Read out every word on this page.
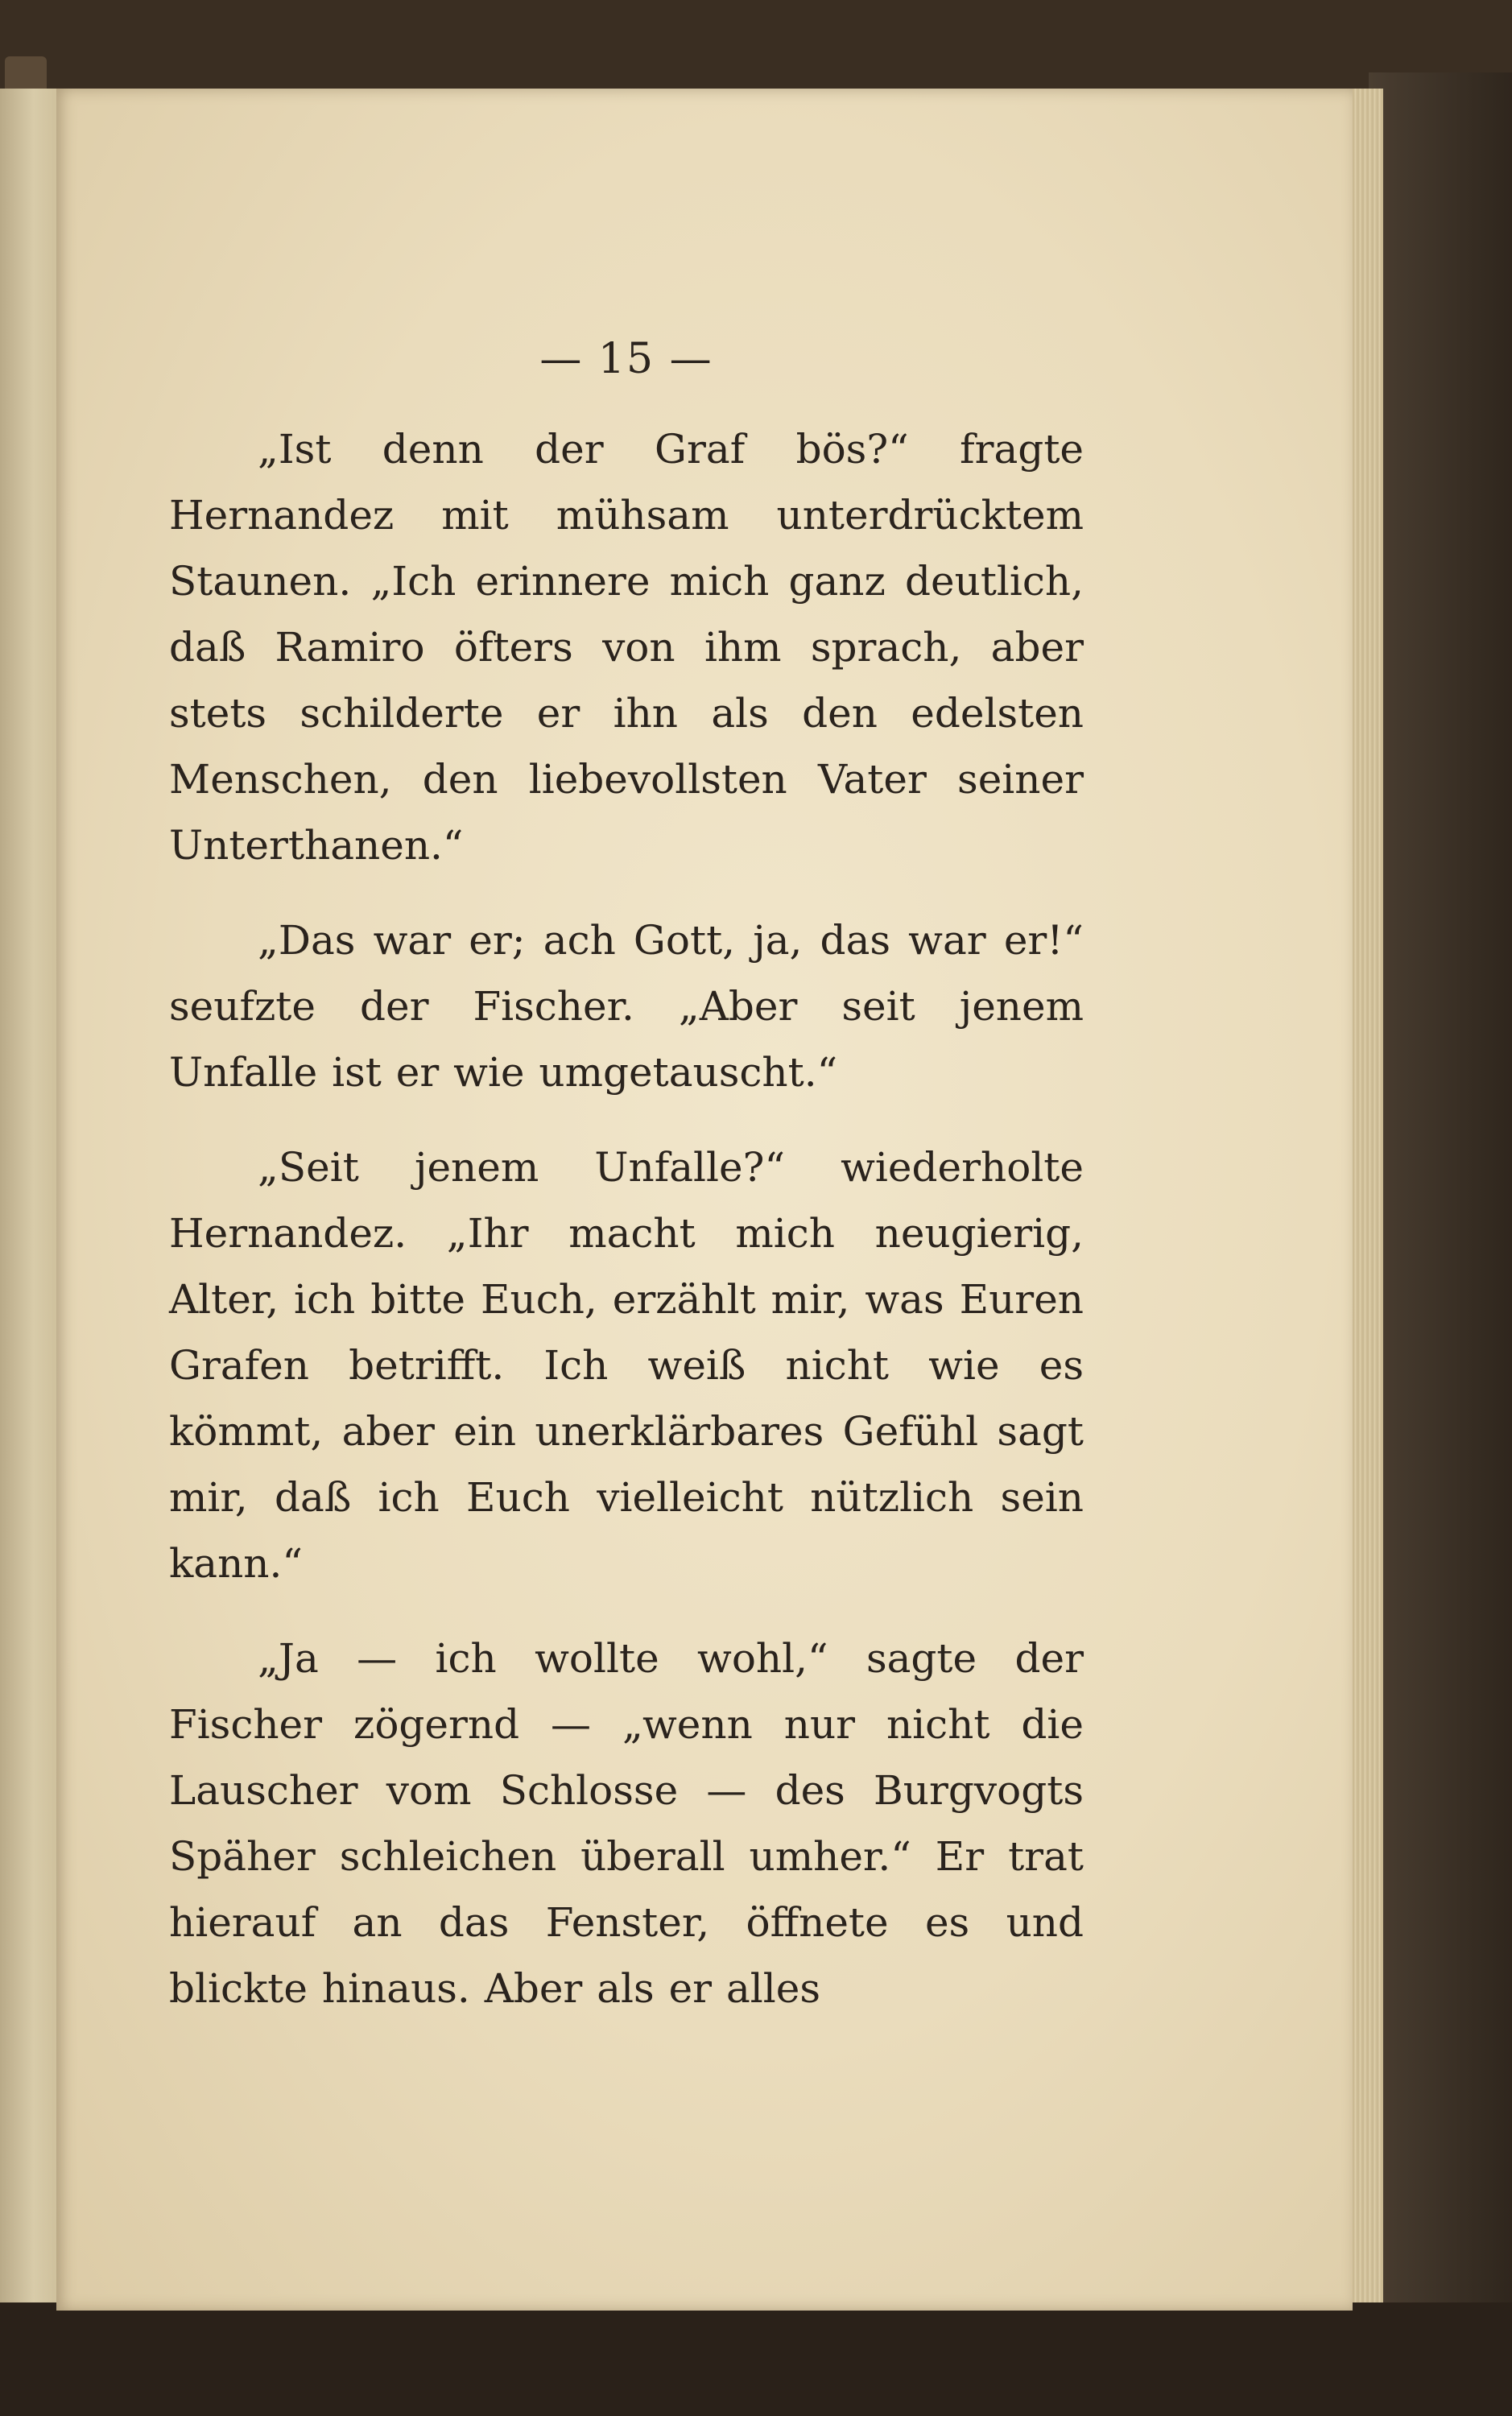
— 15 —

„Ist denn der Graf bös?“ fragte Hernandez mit mühsam unterdrücktem Staunen. „Ich erinnere mich ganz deutlich, daß Ramiro öfters von ihm sprach, aber stets schilderte er ihn als den edelsten Menschen, den liebevollsten Vater seiner Unterthanen.“

„Das war er; ach Gott, ja, das war er!“ seufzte der Fischer. „Aber seit jenem Unfalle ist er wie umgetauscht.“

„Seit jenem Unfalle?“ wiederholte Hernandez. „Ihr macht mich neugierig, Alter, ich bitte Euch, erzählt mir, was Euren Grafen betrifft. Ich weiß nicht wie es kömmt, aber ein unerklärbares Gefühl sagt mir, daß ich Euch vielleicht nützlich sein kann.“

„Ja — ich wollte wohl,“ sagte der Fischer zögernd — „wenn nur nicht die Lauscher vom Schlosse — des Burgvogts Späher schleichen überall umher.“ Er trat hierauf an das Fenster, öffnete es und blickte hinaus. Aber als er alles
